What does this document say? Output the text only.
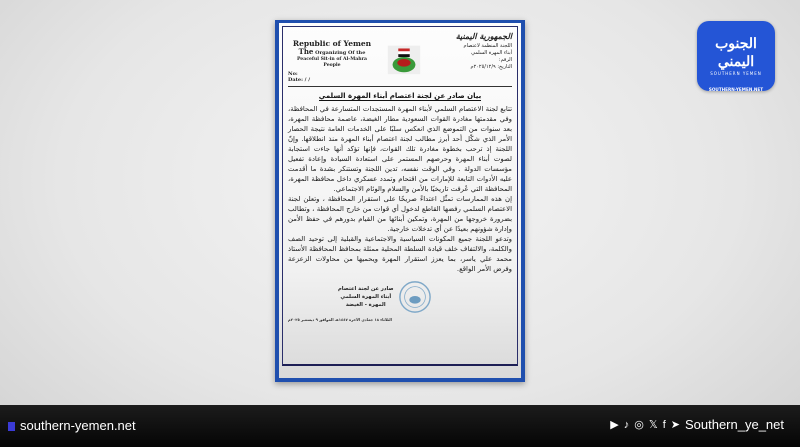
Republic of Yemen
The Organizing Of the
Peaceful Sit-in of Al-Mahra People
No:
Date: / /
الجمهورية اليمنية
اللجنة المنظمة لاعتصام
أبناء المهرة السلمي
الرقم:
التاريخ: ٢٠٢٥/١٢/٩م
بيان صادر عن لجنة اعتصام أبناء المهرة السلمي

تتابع لجنة الاعتصام السلمي لأبناء المهرة المستجدات المتسارعة في المحافظة، وفي مقدمتها مغادرة القوات السعودية مطار الغيضة، عاصمة محافظة المهرة، بعد سنوات من التموضع الذي انعكس سلبًا على الخدمات العامة نتيجة الحصار الأمر الذي شكّل أحد أبرز مطالب لجنة اعتصام أبناء المهرة منذ انطلاقها. وإنّ اللجنة إذ ترحب بخطوة مغادرة تلك القوات، فإنها تؤكد أنها جاءت استجابة لصوت أبناء المهرة وحرصهم المستمر على استعادة السيادة وإعادة تفعيل مؤسسات الدولة . وفي الوقت نفسه، تدين اللجنة وتستنكر بشدة ما أقدمت عليه الأدوات التابعة للإمارات من اقتحام وتمدد عسكري داخل محافظة المهرة، المحافظة التي عُرفت تاريخيًا بالأمن والسلام والوئام الاجتماعي.

إن هذه الممارسات تمثّل اعتداءً صريحًا على استقرار المحافظة ، وتعلن لجنة الاعتصام السلمي رفضها القاطع لدخول أي قوات من خارج المحافظة ، وتطالب بضرورة خروجها من المهرة، وتمكين أبنائها من القيام بدورهم في حفظ الأمن وإدارة شؤونهم بعيدًا عن أي تدخلات خارجية.

وتدعو اللجنة جميع المكونات السياسية والاجتماعية والقبلية إلى توحيد الصف والكلمة، والالتفاف خلف قيادة السلطة المحلية ممثلة بمحافظ المحافظة الأستاذ محمد علي ياسر، بما يعزز استقرار المهرة ويحميها من محاولات الزعزعة وفرض الأمر الواقع.

صادر عن لجنة اعتصام
أبناء المهرة السلمي
المهرة - الغيضة
الثلاثاء ١٨ جمادى الآخرة ١٤٤٧هـ الموافق ٩ ديسمبر ٢٠٢٥م
الجنوب اليمني
SOUTHERN YEMEN
SOUTHERN-YEMEN.NET
southern-yemen.net	▶ ♪ ◎ 𝕏 f ➤ Southern_ye_net
